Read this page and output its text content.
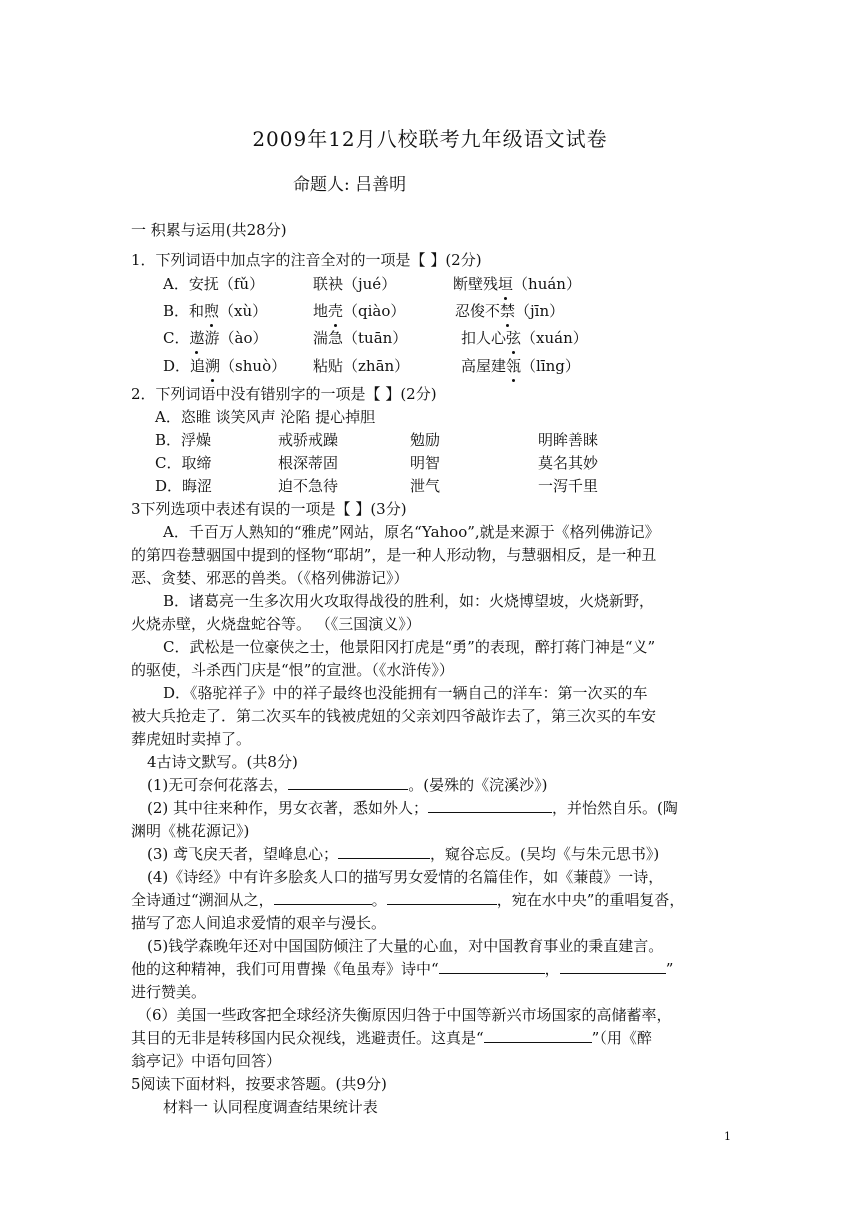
2009年12月八校联考九年级语文试卷
命题人: 吕善明
一 积累与运用(共28分)
1．下列词语中加点字的注音全对的一项是【 】(2分)
A．安抚（fǔ）	联袂（jué）	断壁残垣（huán）
B．和煦（xù）	地壳（qiào）	忍俊不禁（jīn）
C．遨游（ào）	湍急（tuān）	扣人心弦（xuán）
D．追溯（shuò） 粘贴（zhān）	高屋建瓴（līng）
2．下列词语中没有错别字的一项是【 】(2分)
A．恣睢 谈笑风声 沦陷 提心掉胆
B．浮燥	戒骄戒躁	勉励	明眸善睐
C．取缔	根深蒂固	明智	莫名其妙
D．晦涩	迫不急待	泄气	一泻千里
3下列选项中表述有误的一项是【 】(3分)
A．千百万人熟知的“雅虎”网站，原名“Yahoo”,就是来源于《格列佛游记》
的第四卷慧骃国中提到的怪物“耶胡”，是一种人形动物，与慧骃相反，是一种丑
恶、贪婪、邪恶的兽类。（《格列佛游记》）
B．诸葛亮一生多次用火攻取得战役的胜利，如：火烧博望坡，火烧新野，
火烧赤壁，火烧盘蛇谷等。 （《三国演义》）
C．武松是一位豪侠之士，他景阳冈打虎是“勇”的表现，醉打蒋门神是“义”
的驱使，斗杀西门庆是“恨”的宣泄。（《水浒传》）
D．《骆驼祥子》中的祥子最终也没能拥有一辆自己的洋车：第一次买的车
被大兵抢走了．第二次买车的钱被虎妞的父亲刘四爷敲诈去了，第三次买的车安
葬虎妞时卖掉了。
4古诗文默写。(共8分)
(1)无可奈何花落去，	。(晏殊的《浣溪沙》)
(2) 其中往来种作，男女衣著，悉如外人；	，并怡然自乐。(陶
渊明《桃花源记》)
(3) 鸢飞戾天者，望峰息心；	，窥谷忘反。(吴均《与朱元思书》)
(4)《诗经》中有许多脍炙人口的描写男女爱情的名篇佳作，如《蒹葭》一诗，
全诗通过“溯洄从之，	。	，宛在水中央”的重唱复沓，
描写了恋人间追求爱情的艰辛与漫长。
(5)钱学森晚年还对中国国防倾注了大量的心血，对中国教育事业的秉直建言。
他的这种精神，我们可用曹操《龟虽寿》诗中“	，	”
进行赞美。
（6）美国一些政客把全球经济失衡原因归咎于中国等新兴市场国家的高储蓄率，
其目的无非是转移国内民众视线，逃避责任。这真是“	”（用《醉
翁亭记》中语句回答）
5阅读下面材料，按要求答题。(共9分)
材料一 认同程度调查结果统计表
1
